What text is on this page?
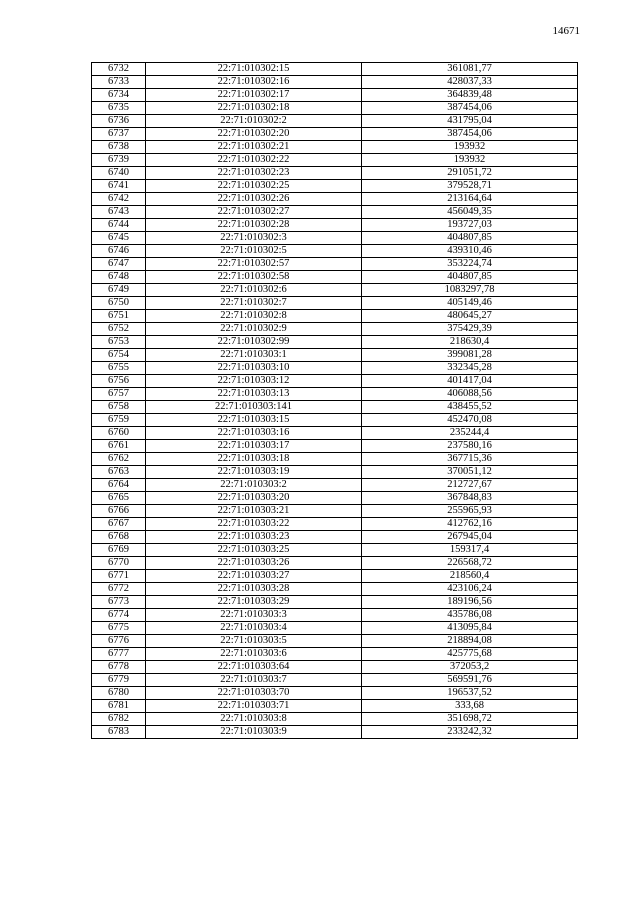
14671
6732	22:71:010302:15	361081,77
6733	22:71:010302:16	428037,33
6734	22:71:010302:17	364839,48
6735	22:71:010302:18	387454,06
6736	22:71:010302:2	431795,04
6737	22:71:010302:20	387454,06
6738	22:71:010302:21	193932
6739	22:71:010302:22	193932
6740	22:71:010302:23	291051,72
6741	22:71:010302:25	379528,71
6742	22:71:010302:26	213164,64
6743	22:71:010302:27	456049,35
6744	22:71:010302:28	193727,03
6745	22:71:010302:3	404807,85
6746	22:71:010302:5	439310,46
6747	22:71:010302:57	353224,74
6748	22:71:010302:58	404807,85
6749	22:71:010302:6	1083297,78
6750	22:71:010302:7	405149,46
6751	22:71:010302:8	480645,27
6752	22:71:010302:9	375429,39
6753	22:71:010302:99	218630,4
6754	22:71:010303:1	399081,28
6755	22:71:010303:10	332345,28
6756	22:71:010303:12	401417,04
6757	22:71:010303:13	406088,56
6758	22:71:010303:141	438455,52
6759	22:71:010303:15	452470,08
6760	22:71:010303:16	235244,4
6761	22:71:010303:17	237580,16
6762	22:71:010303:18	367715,36
6763	22:71:010303:19	370051,12
6764	22:71:010303:2	212727,67
6765	22:71:010303:20	367848,83
6766	22:71:010303:21	255965,93
6767	22:71:010303:22	412762,16
6768	22:71:010303:23	267945,04
6769	22:71:010303:25	159317,4
6770	22:71:010303:26	226568,72
6771	22:71:010303:27	218560,4
6772	22:71:010303:28	423106,24
6773	22:71:010303:29	189196,56
6774	22:71:010303:3	435786,08
6775	22:71:010303:4	413095,84
6776	22:71:010303:5	218894,08
6777	22:71:010303:6	425775,68
6778	22:71:010303:64	372053,2
6779	22:71:010303:7	569591,76
6780	22:71:010303:70	196537,52
6781	22:71:010303:71	333,68
6782	22:71:010303:8	351698,72
6783	22:71:010303:9	233242,32
